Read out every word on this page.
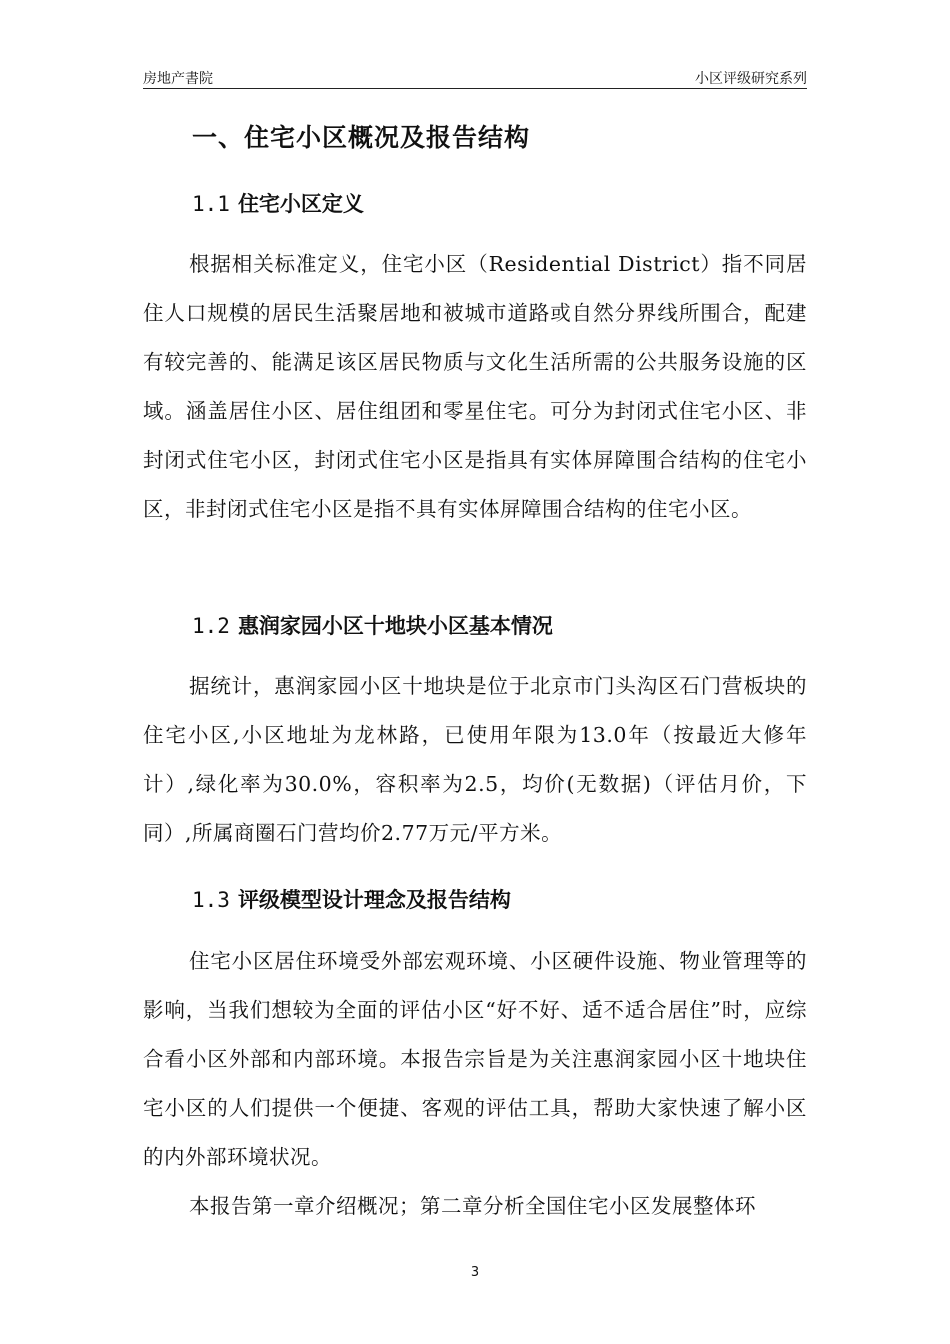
房地产書院	小区评级研究系列
一、住宅小区概况及报告结构
1.1 住宅小区定义
根据相关标准定义，住宅小区（Residential District）指不同居住人口规模的居民生活聚居地和被城市道路或自然分界线所围合，配建有较完善的、能满足该区居民物质与文化生活所需的公共服务设施的区域。涵盖居住小区、居住组团和零星住宅。可分为封闭式住宅小区、非封闭式住宅小区，封闭式住宅小区是指具有实体屏障围合结构的住宅小区，非封闭式住宅小区是指不具有实体屏障围合结构的住宅小区。
1.2 惠润家园小区十地块小区基本情况
据统计，惠润家园小区十地块是位于北京市门头沟区石门营板块的住宅小区,小区地址为龙林路，已使用年限为13.0年（按最近大修年计）,绿化率为30.0%，容积率为2.5，均价(无数据)（评估月价，下同）,所属商圈石门营均价2.77万元/平方米。
1.3 评级模型设计理念及报告结构
住宅小区居住环境受外部宏观环境、小区硬件设施、物业管理等的影响，当我们想较为全面的评估小区“好不好、适不适合居住”时，应综合看小区外部和内部环境。本报告宗旨是为关注惠润家园小区十地块住宅小区的人们提供一个便捷、客观的评估工具，帮助大家快速了解小区的内外部环境状况。
本报告第一章介绍概况；第二章分析全国住宅小区发展整体环
3
